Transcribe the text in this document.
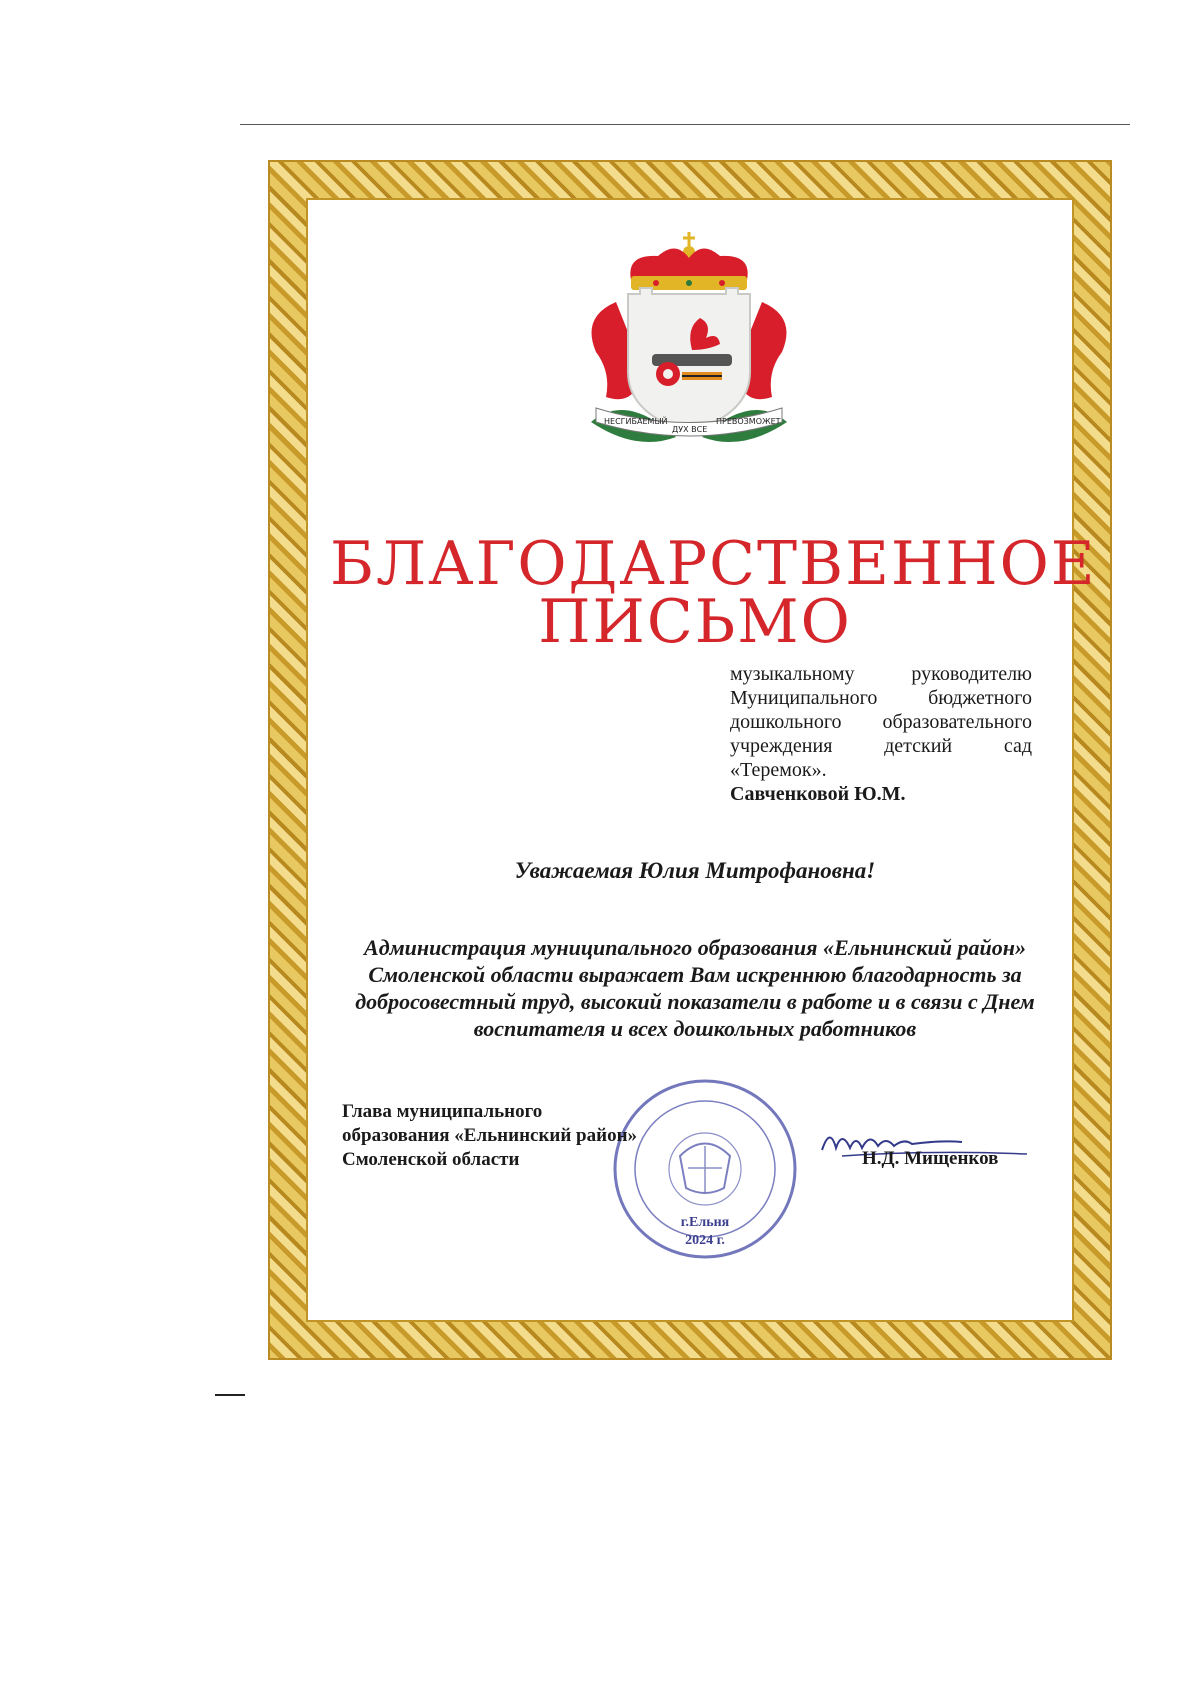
НЕСГИБАЕМЫЙ
ДУХ ВСЕ
ПРЕВОЗМОЖЕТ
БЛАГОДАРСТВЕННОЕ
ПИСЬМО
музыкальному руководителю
Муниципального бюджетного
дошкольного образовательного
учреждения детский сад
«Теремок».
Савченковой Ю.М.
Уважаемая Юлия Митрофановна!
Администрация муниципального образования «Ельнинский район» Смоленской области выражает Вам искреннюю благодарность за добросовестный труд, высокий показатели в работе и в связи с Днем воспитателя и всех дошкольных работников
г.Ельня
2024 г.
Глава муниципального
образования «Ельнинский район»
Смоленской области	Н.Д. Мищенков
